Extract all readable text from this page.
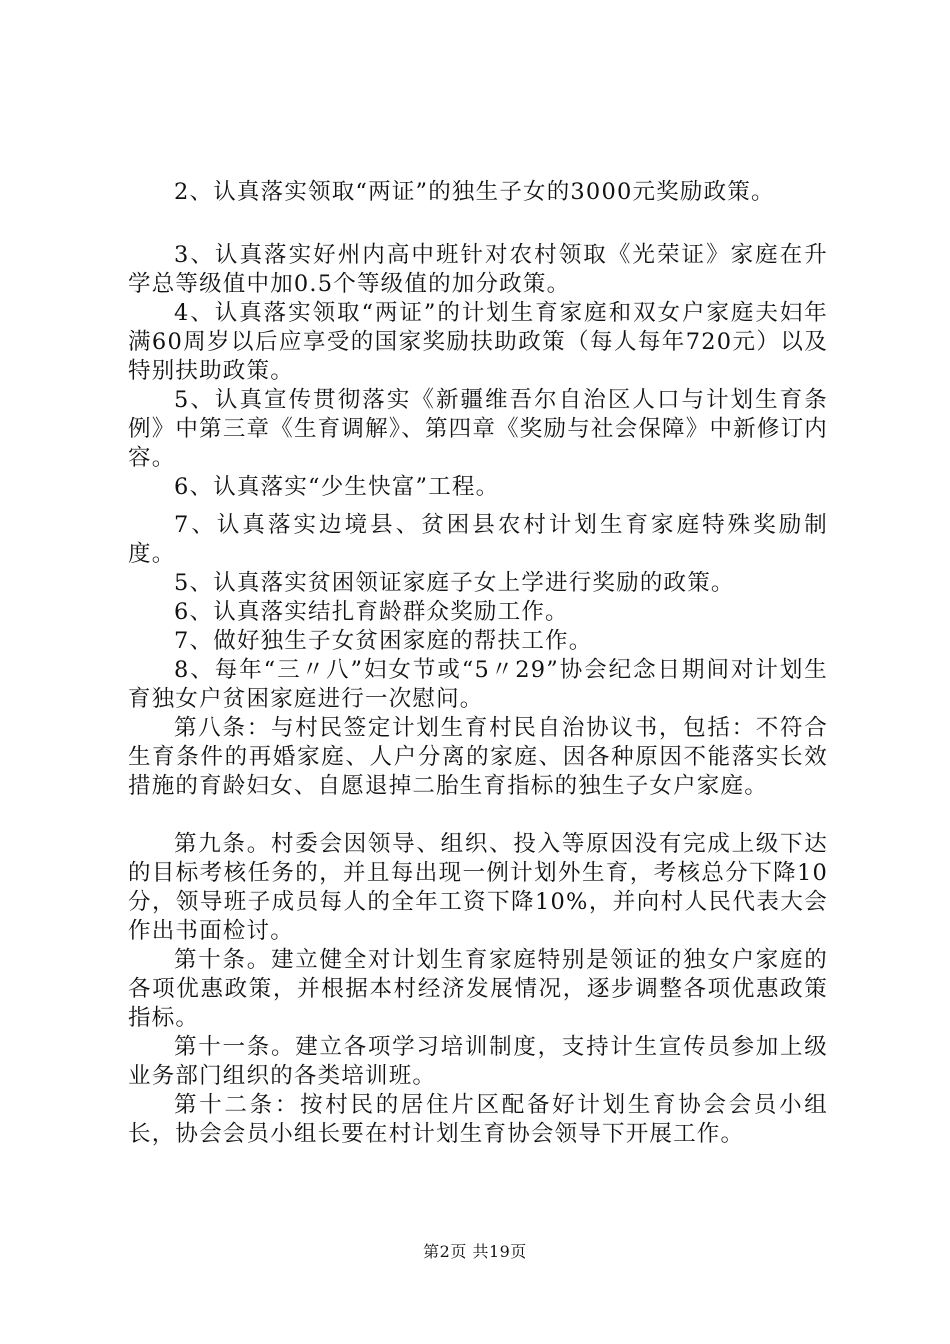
2、认真落实领取“两证”的独生子女的3000元奖励政策。

3、认真落实好州内高中班针对农村领取《光荣证》家庭在升学总等级值中加0.5个等级值的加分政策。

4、认真落实领取“两证”的计划生育家庭和双女户家庭夫妇年满60周岁以后应享受的国家奖励扶助政策（每人每年720元）以及特别扶助政策。

5、认真宣传贯彻落实《新疆维吾尔自治区人口与计划生育条例》中第三章《生育调解》、第四章《奖励与社会保障》中新修订内容。

6、认真落实“少生快富”工程。

7、认真落实边境县、贫困县农村计划生育家庭特殊奖励制度。

5、认真落实贫困领证家庭子女上学进行奖励的政策。

6、认真落实结扎育龄群众奖励工作。

7、做好独生子女贫困家庭的帮扶工作。

8、每年“三〃八”妇女节或“5〃29”协会纪念日期间对计划生育独女户贫困家庭进行一次慰问。

第八条：与村民签定计划生育村民自治协议书，包括：不符合生育条件的再婚家庭、人户分离的家庭、因各种原因不能落实长效措施的育龄妇女、自愿退掉二胎生育指标的独生子女户家庭。

第九条。村委会因领导、组织、投入等原因没有完成上级下达的目标考核任务的，并且每出现一例计划外生育，考核总分下降10分，领导班子成员每人的全年工资下降10%，并向村人民代表大会作出书面检讨。

第十条。建立健全对计划生育家庭特别是领证的独女户家庭的各项优惠政策，并根据本村经济发展情况，逐步调整各项优惠政策指标。

第十一条。建立各项学习培训制度，支持计生宣传员参加上级业务部门组织的各类培训班。

第十二条：按村民的居住片区配备好计划生育协会会员小组长，协会会员小组长要在村计划生育协会领导下开展工作。

第2页 共19页
